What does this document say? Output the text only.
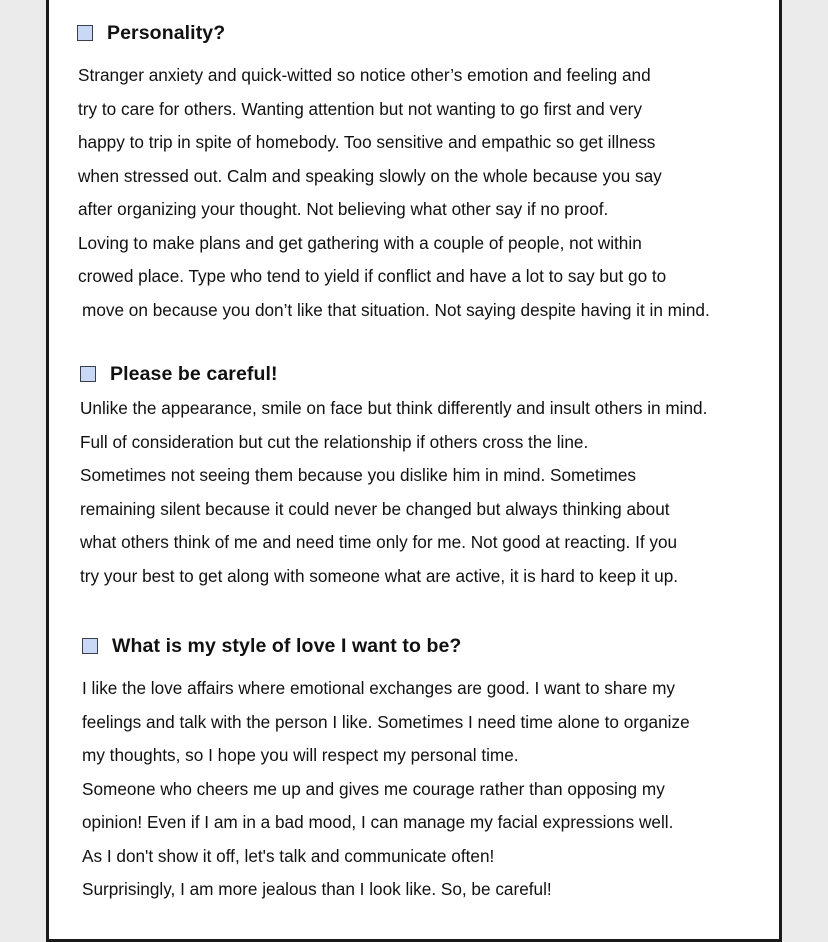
Personality?
Stranger anxiety and quick-witted so notice other’s emotion and feeling and
try to care for others. Wanting attention but not wanting to go first and very
happy to trip in spite of homebody. Too sensitive and empathic so get illness
when stressed out. Calm and speaking slowly on the whole because you say
after organizing your thought. Not believing what other say if no proof.
Loving to make plans and get gathering with a couple of people, not within
crowed place. Type who tend to yield if conflict and have a lot to say but go to
move on because you don’t like that situation. Not saying despite having it in mind.
Please be careful!
Unlike the appearance, smile on face but think differently and insult others in mind.
Full of consideration but cut the relationship if others cross the line.
Sometimes not seeing them because you dislike him in mind. Sometimes
remaining silent because it could never be changed but always thinking about
what others think of me and need time only for me. Not good at reacting. If you
try your best to get along with someone what are active, it is hard to keep it up.
What is my style of love I want to be?
I like the love affairs where emotional exchanges are good. I want to share my
feelings and talk with the person I like. Sometimes I need time alone to organize
my thoughts, so I hope you will respect my personal time.
Someone who cheers me up and gives me courage rather than opposing my
opinion! Even if I am in a bad mood, I can manage my facial expressions well.
As I don't show it off, let's talk and communicate often!
Surprisingly, I am more jealous than I look like. So, be careful!
